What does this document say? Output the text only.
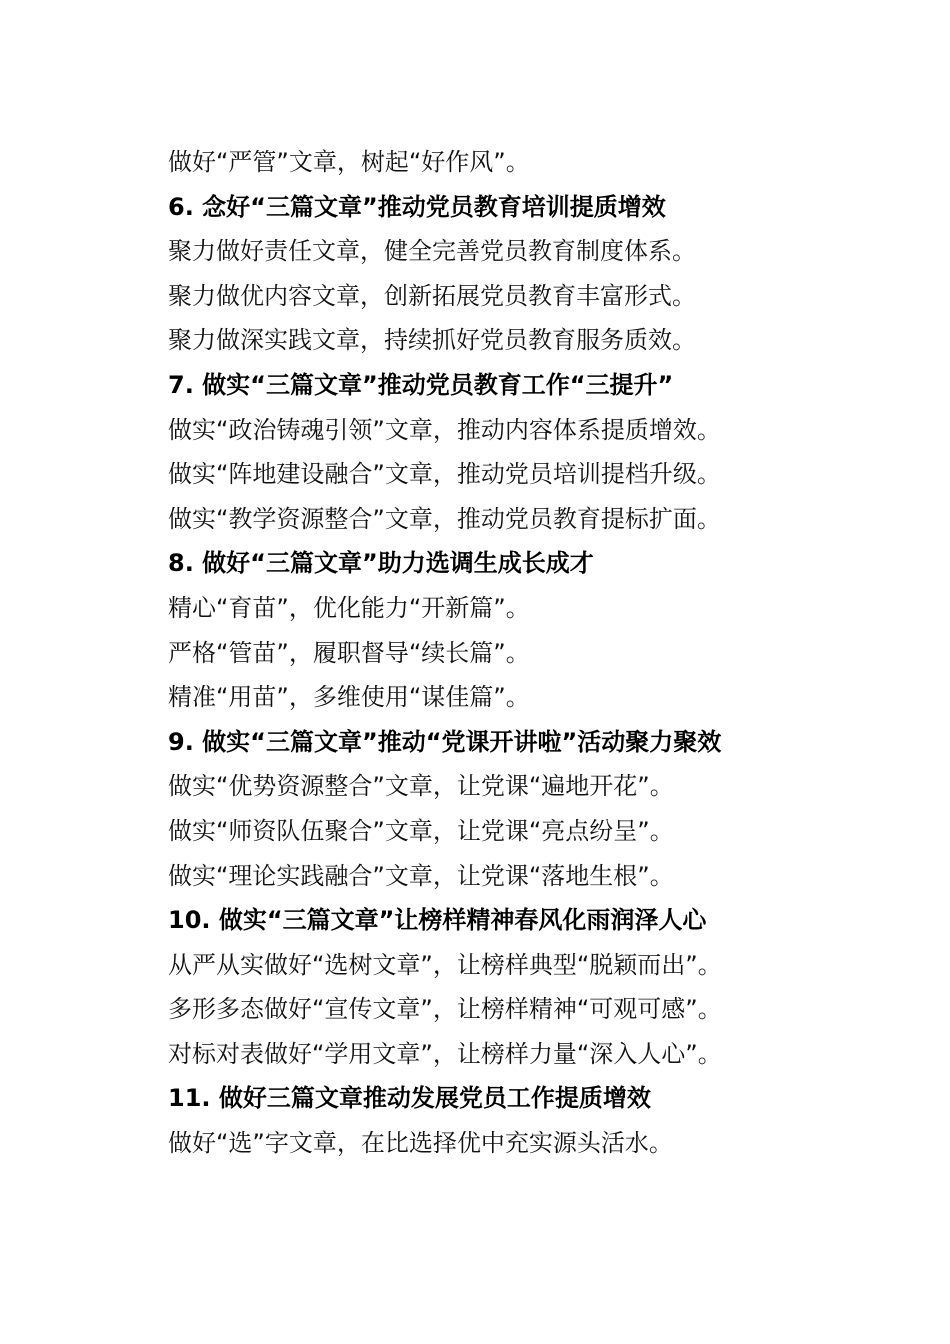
做好“严管”文章，树起“好作风”。
6. 念好“三篇文章”推动党员教育培训提质增效
聚力做好责任文章，健全完善党员教育制度体系。
聚力做优内容文章，创新拓展党员教育丰富形式。
聚力做深实践文章，持续抓好党员教育服务质效。
7. 做实“三篇文章”推动党员教育工作“三提升”
做实“政治铸魂引领”文章，推动内容体系提质增效。
做实“阵地建设融合”文章，推动党员培训提档升级。
做实“教学资源整合”文章，推动党员教育提标扩面。
8. 做好“三篇文章”助力选调生成长成才
精心“育苗”，优化能力“开新篇”。
严格“管苗”，履职督导“续长篇”。
精准“用苗”，多维使用“谋佳篇”。
9. 做实“三篇文章”推动“党课开讲啦”活动聚力聚效
做实“优势资源整合”文章，让党课“遍地开花”。
做实“师资队伍聚合”文章，让党课“亮点纷呈”。
做实“理论实践融合”文章，让党课“落地生根”。
10. 做实“三篇文章”让榜样精神春风化雨润泽人心
从严从实做好“选树文章”，让榜样典型“脱颖而出”。
多形多态做好“宣传文章”，让榜样精神“可观可感”。
对标对表做好“学用文章”，让榜样力量“深入人心”。
11. 做好三篇文章推动发展党员工作提质增效
做好“选”字文章，在比选择优中充实源头活水。
